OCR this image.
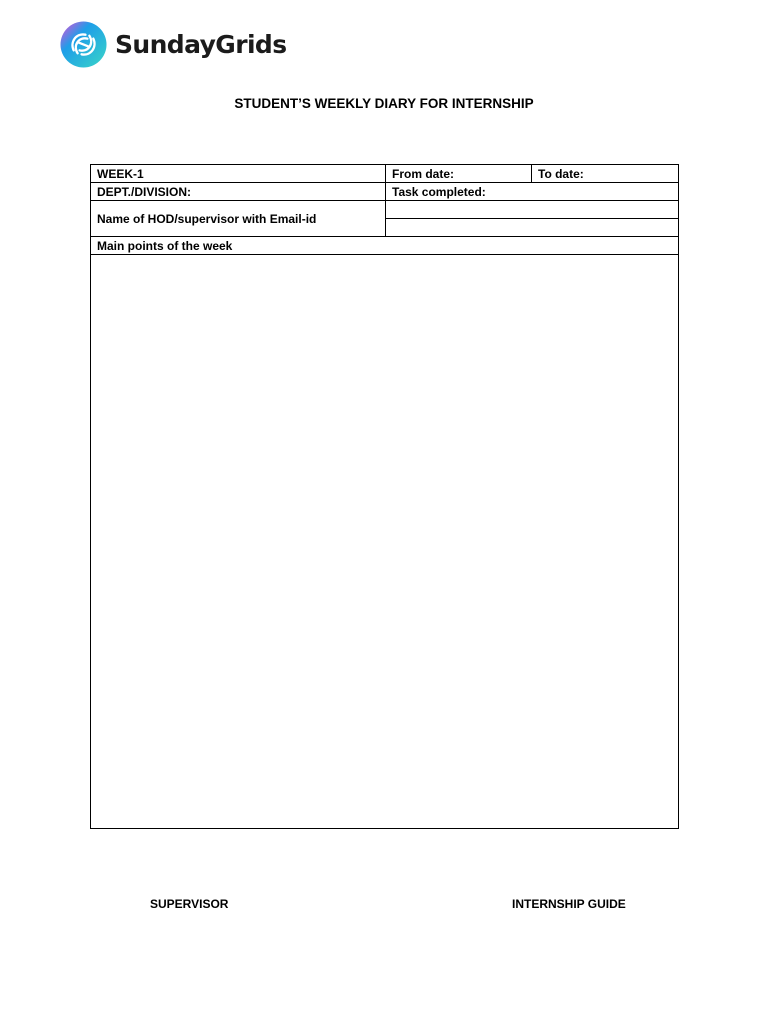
SundayGrids
STUDENT’S WEEKLY DIARY FOR INTERNSHIP
WEEK-1	From date:	To date:
DEPT./DIVISION:	Task completed:	
Name of HOD/supervisor with Email-id		

Main points of the week		

SUPERVISOR	INTERNSHIP GUIDE
